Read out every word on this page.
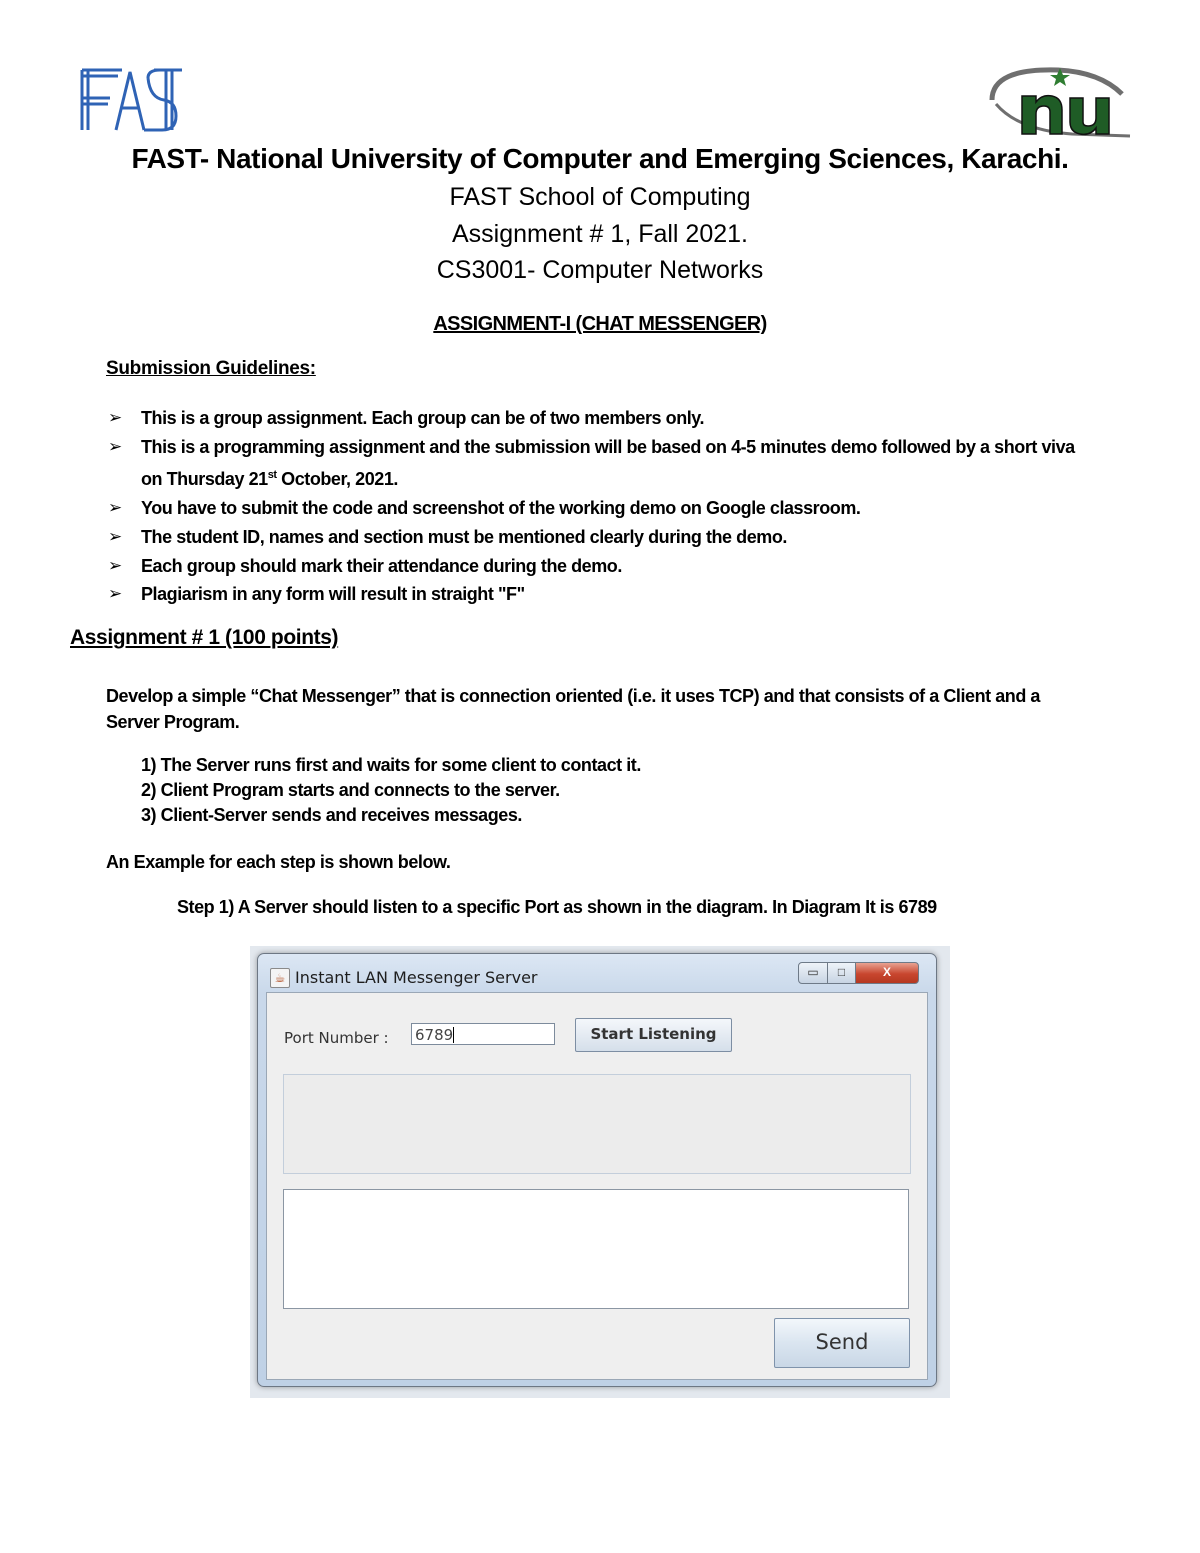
FAST- National University of Computer and Emerging Sciences, Karachi.
FAST School of Computing
Assignment # 1, Fall 2021.
CS3001- Computer Networks
ASSIGNMENT-I (CHAT MESSENGER)
Submission Guidelines:
➢ This is a group assignment. Each group can be of two members only.
➢ This is a programming assignment and the submission will be based on 4-5 minutes demo followed by a short viva on Thursday 21st October, 2021.
➢ You have to submit the code and screenshot of the working demo on Google classroom.
➢ The student ID, names and section must be mentioned clearly during the demo.
➢ Each group should mark their attendance during the demo.
➢ Plagiarism in any form will result in straight "F"
Assignment # 1 (100 points)
Develop a simple “Chat Messenger” that is connection oriented (i.e. it uses TCP) and that consists of a Client and a Server Program.
1) The Server runs first and waits for some client to contact it.
2) Client Program starts and connects to the server.
3) Client-Server sends and receives messages.
An Example for each step is shown below.
Step 1) A Server should listen to a specific Port as shown in the diagram. In Diagram It is 6789
☕ Instant LAN Messenger Server	▭	□	X
Port Number : 6789	Start Listening
Send
